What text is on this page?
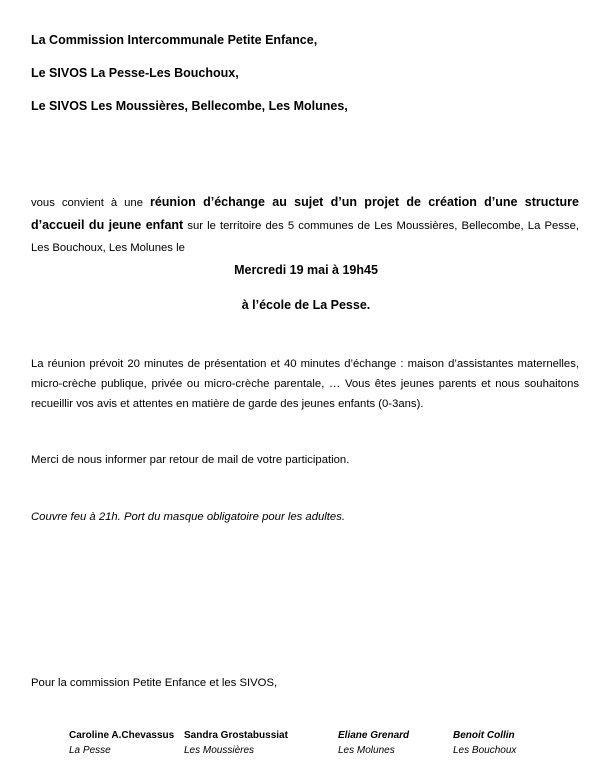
La Commission Intercommunale Petite Enfance,
Le SIVOS La Pesse-Les Bouchoux,
Le SIVOS Les Moussières, Bellecombe, Les Molunes,
vous convient à une réunion d’échange au sujet d’un projet de création d’une structure d’accueil du jeune enfant sur le territoire des 5 communes de Les Moussières, Bellecombe, La Pesse, Les Bouchoux, Les Molunes le
Mercredi 19 mai à 19h45
à l’école de La Pesse.
La réunion prévoit 20 minutes de présentation et 40 minutes d’échange : maison d’assistantes maternelles, micro-crèche publique, privée ou micro-crèche parentale, … Vous êtes jeunes parents et nous souhaitons recueillir vos avis et attentes en matière de garde des jeunes enfants (0-3ans).
Merci de nous informer par retour de mail de votre participation.
Couvre feu à 21h. Port du masque obligatoire pour les adultes.
Pour la commission Petite Enfance et les SIVOS,
Caroline A.Chevassus
La Pesse
Sandra Grostabussiat
Les Moussières
Eliane Grenard
Les Molunes
Benoit Collin
Les Bouchoux
